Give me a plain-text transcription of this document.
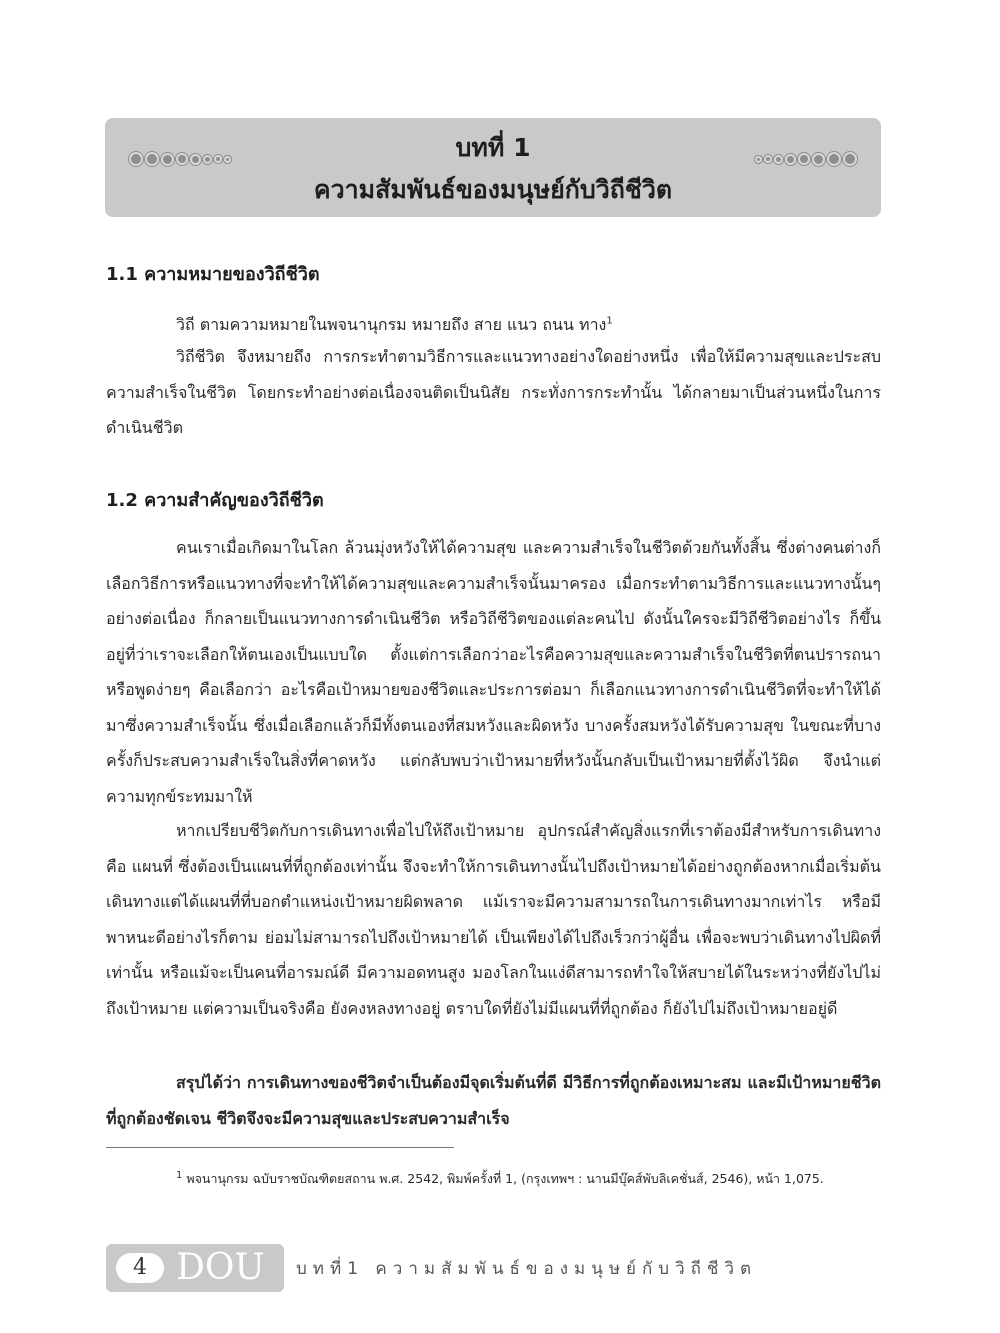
บทที่ 1
ความสัมพันธ์ของมนุษย์กับวิถีชีวิต
1.1 ความหมายของวิถีชีวิต

วิถี ตามความหมายในพจนานุกรม หมายถึง สาย แนว ถนน ทาง$^1$

วิถีชีวิต จึงหมายถึง การกระทำตามวิธีการและแนวทางอย่างใดอย่างหนึ่ง เพื่อให้มีความสุขและประสบความสำเร็จในชีวิต โดยกระทำอย่างต่อเนื่องจนติดเป็นนิสัย กระทั่งการกระทำนั้น ได้กลายมาเป็นส่วนหนึ่งในการดำเนินชีวิต

1.2 ความสำคัญของวิถีชีวิต

คนเราเมื่อเกิดมาในโลก ล้วนมุ่งหวังให้ได้ความสุข และความสำเร็จในชีวิตด้วยกันทั้งสิ้น ซึ่งต่างคนต่างก็เลือกวิธีการหรือแนวทางที่จะทำให้ได้ความสุขและความสำเร็จนั้นมาครอง เมื่อกระทำตามวิธีการและแนวทางนั้นๆ อย่างต่อเนื่อง ก็กลายเป็นแนวทางการดำเนินชีวิต หรือวิถีชีวิตของแต่ละคนไป ดังนั้นใครจะมีวิถีชีวิตอย่างไร ก็ขึ้นอยู่ที่ว่าเราจะเลือกให้ตนเองเป็นแบบใด ตั้งแต่การเลือกว่าอะไรคือความสุขและความสำเร็จในชีวิตที่ตนปรารถนา หรือพูดง่ายๆ คือเลือกว่า อะไรคือเป้าหมายของชีวิตและประการต่อมา ก็เลือกแนวทางการดำเนินชีวิตที่จะทำให้ได้มาซึ่งความสำเร็จนั้น ซึ่งเมื่อเลือกแล้วก็มีทั้งตนเองที่สมหวังและผิดหวัง บางครั้งสมหวังได้รับความสุข ในขณะที่บางครั้งก็ประสบความสำเร็จในสิ่งที่คาดหวัง แต่กลับพบว่าเป้าหมายที่หวังนั้นกลับเป็นเป้าหมายที่ตั้งไว้ผิด จึงนำแต่ความทุกข์ระทมมาให้

หากเปรียบชีวิตกับการเดินทางเพื่อไปให้ถึงเป้าหมาย อุปกรณ์สำคัญสิ่งแรกที่เราต้องมีสำหรับการเดินทาง คือ แผนที่ ซึ่งต้องเป็นแผนที่ที่ถูกต้องเท่านั้น จึงจะทำให้การเดินทางนั้นไปถึงเป้าหมายได้อย่างถูกต้องหากเมื่อเริ่มต้นเดินทางแต่ได้แผนที่ที่บอกตำแหน่งเป้าหมายผิดพลาด แม้เราจะมีความสามารถในการเดินทางมากเท่าไร หรือมีพาหนะดีอย่างไรก็ตาม ย่อมไม่สามารถไปถึงเป้าหมายได้ เป็นเพียงได้ไปถึงเร็วกว่าผู้อื่น เพื่อจะพบว่าเดินทางไปผิดที่เท่านั้น หรือแม้จะเป็นคนที่อารมณ์ดี มีความอดทนสูง มองโลกในแง่ดีสามารถทำใจให้สบายได้ในระหว่างที่ยังไปไม่ถึงเป้าหมาย แต่ความเป็นจริงคือ ยังคงหลงทางอยู่ ตราบใดที่ยังไม่มีแผนที่ที่ถูกต้อง ก็ยังไปไม่ถึงเป้าหมายอยู่ดี

สรุปได้ว่า การเดินทางของชีวิตจำเป็นต้องมีจุดเริ่มต้นที่ดี มีวิธีการที่ถูกต้องเหมาะสม และมีเป้าหมายชีวิตที่ถูกต้องชัดเจน ชีวิตจึงจะมีความสุขและประสบความสำเร็จ

$^1$ พจนานุกรม ฉบับราชบัณฑิตยสถาน พ.ศ. 2542, พิมพ์ครั้งที่ 1, (กรุงเทพฯ : นานมีบุ๊คส์พับลิเคชั่นส์, 2546), หน้า 1,075.

4 DOU บทที่1 ความสัมพันธ์ของมนุษย์กับวิถีชีวิต
